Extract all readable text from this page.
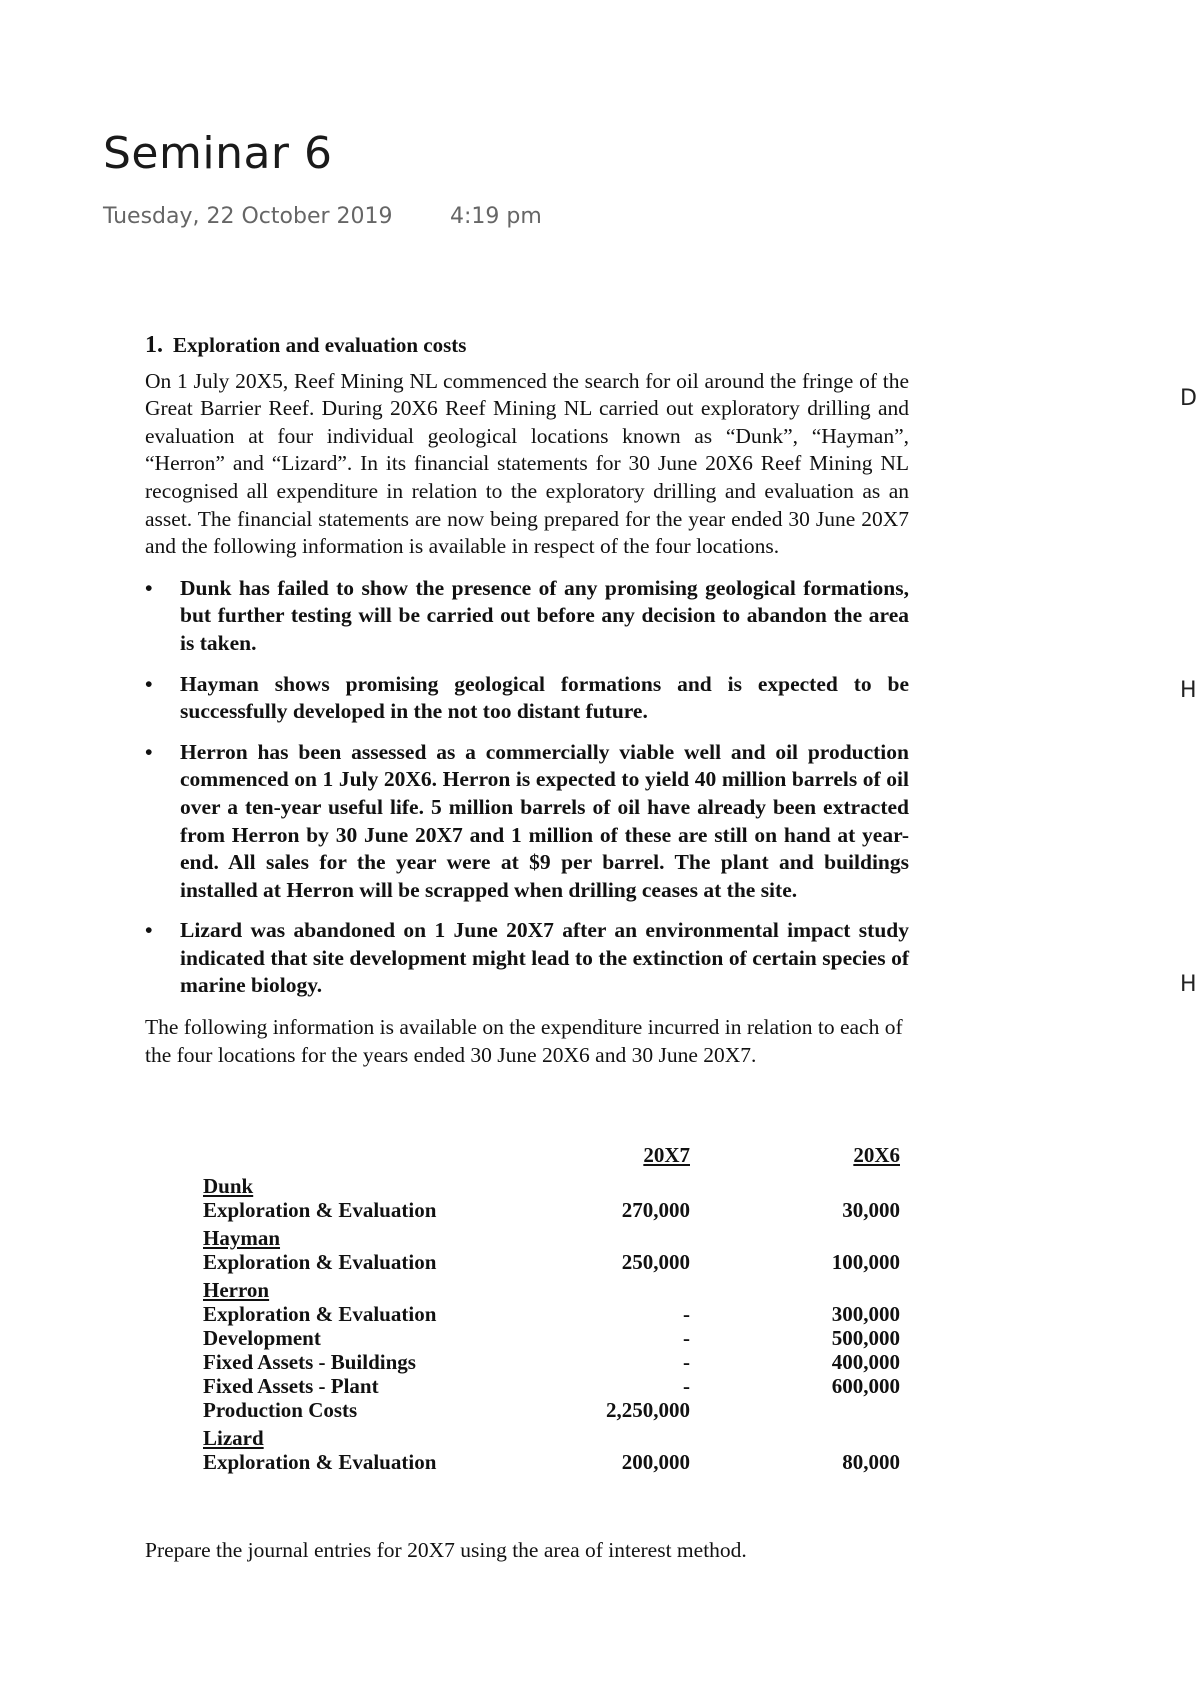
Seminar 6
Tuesday, 22 October 2019	4:19 pm
1. Exploration and evaluation costs

On 1 July 20X5, Reef Mining NL commenced the search for oil around the fringe of the Great Barrier Reef. During 20X6 Reef Mining NL carried out exploratory drilling and evaluation at four individual geological locations known as “Dunk”, “Hayman”, “Herron” and “Lizard”. In its financial statements for 30 June 20X6 Reef Mining NL recognised all expenditure in relation to the exploratory drilling and evaluation as an asset. The financial statements are now being prepared for the year ended 30 June 20X7 and the following information is available in respect of the four locations.

• Dunk has failed to show the presence of any promising geological formations, but further testing will be carried out before any decision to abandon the area is taken.
• Hayman shows promising geological formations and is expected to be successfully developed in the not too distant future.
• Herron has been assessed as a commercially viable well and oil production commenced on 1 July 20X6. Herron is expected to yield 40 million barrels of oil over a ten-year useful life. 5 million barrels of oil have already been extracted from Herron by 30 June 20X7 and 1 million of these are still on hand at year-end. All sales for the year were at $9 per barrel. The plant and buildings installed at Herron will be scrapped when drilling ceases at the site.
• Lizard was abandoned on 1 June 20X7 after an environmental impact study indicated that site development might lead to the extinction of certain species of marine biology.

The following information is available on the expenditure incurred in relation to each of the four locations for the years ended 30 June 20X6 and 30 June 20X7.

	20X7	20X6
Dunk		
Exploration & Evaluation	270,000	30,000
Hayman		
Exploration & Evaluation	250,000	100,000
Herron		
Exploration & Evaluation	-	300,000
Development	-	500,000
Fixed Assets - Buildings	-	400,000
Fixed Assets - Plant	-	600,000
Production Costs	2,250,000	
Lizard		
Exploration & Evaluation	200,000	80,000
Prepare the journal entries for 20X7 using the area of interest method.
D
H
H
